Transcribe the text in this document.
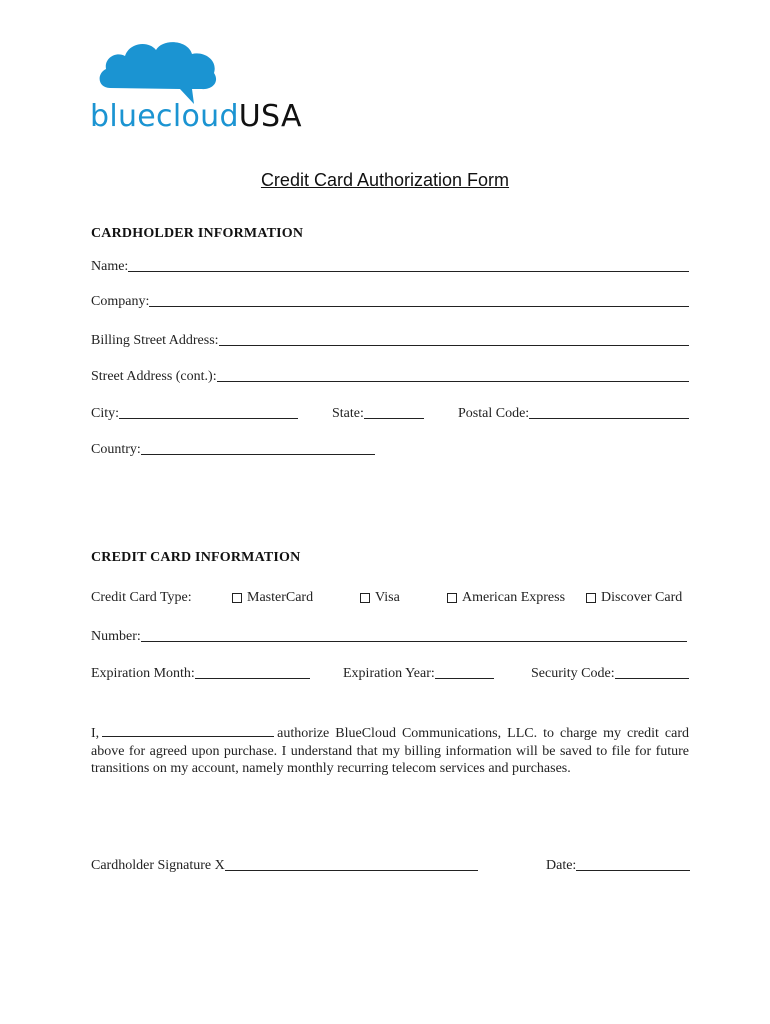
bluecloudUSA
Credit Card Authorization Form
CARDHOLDER INFORMATION
Name:
Company:
Billing Street Address:
Street Address (cont.):
City:	State:	Postal Code:
Country:
CREDIT CARD INFORMATION
Credit Card Type:	MasterCard	Visa	American Express	Discover Card
Number:
Expiration Month:	Expiration Year:	Security Code:
I,	authorize BlueCloud Communications, LLC. to charge my credit card above for agreed upon purchase. I understand that my billing information will be saved to file for future transitions on my account, namely monthly recurring telecom services and purchases.
Cardholder Signature X	Date:
